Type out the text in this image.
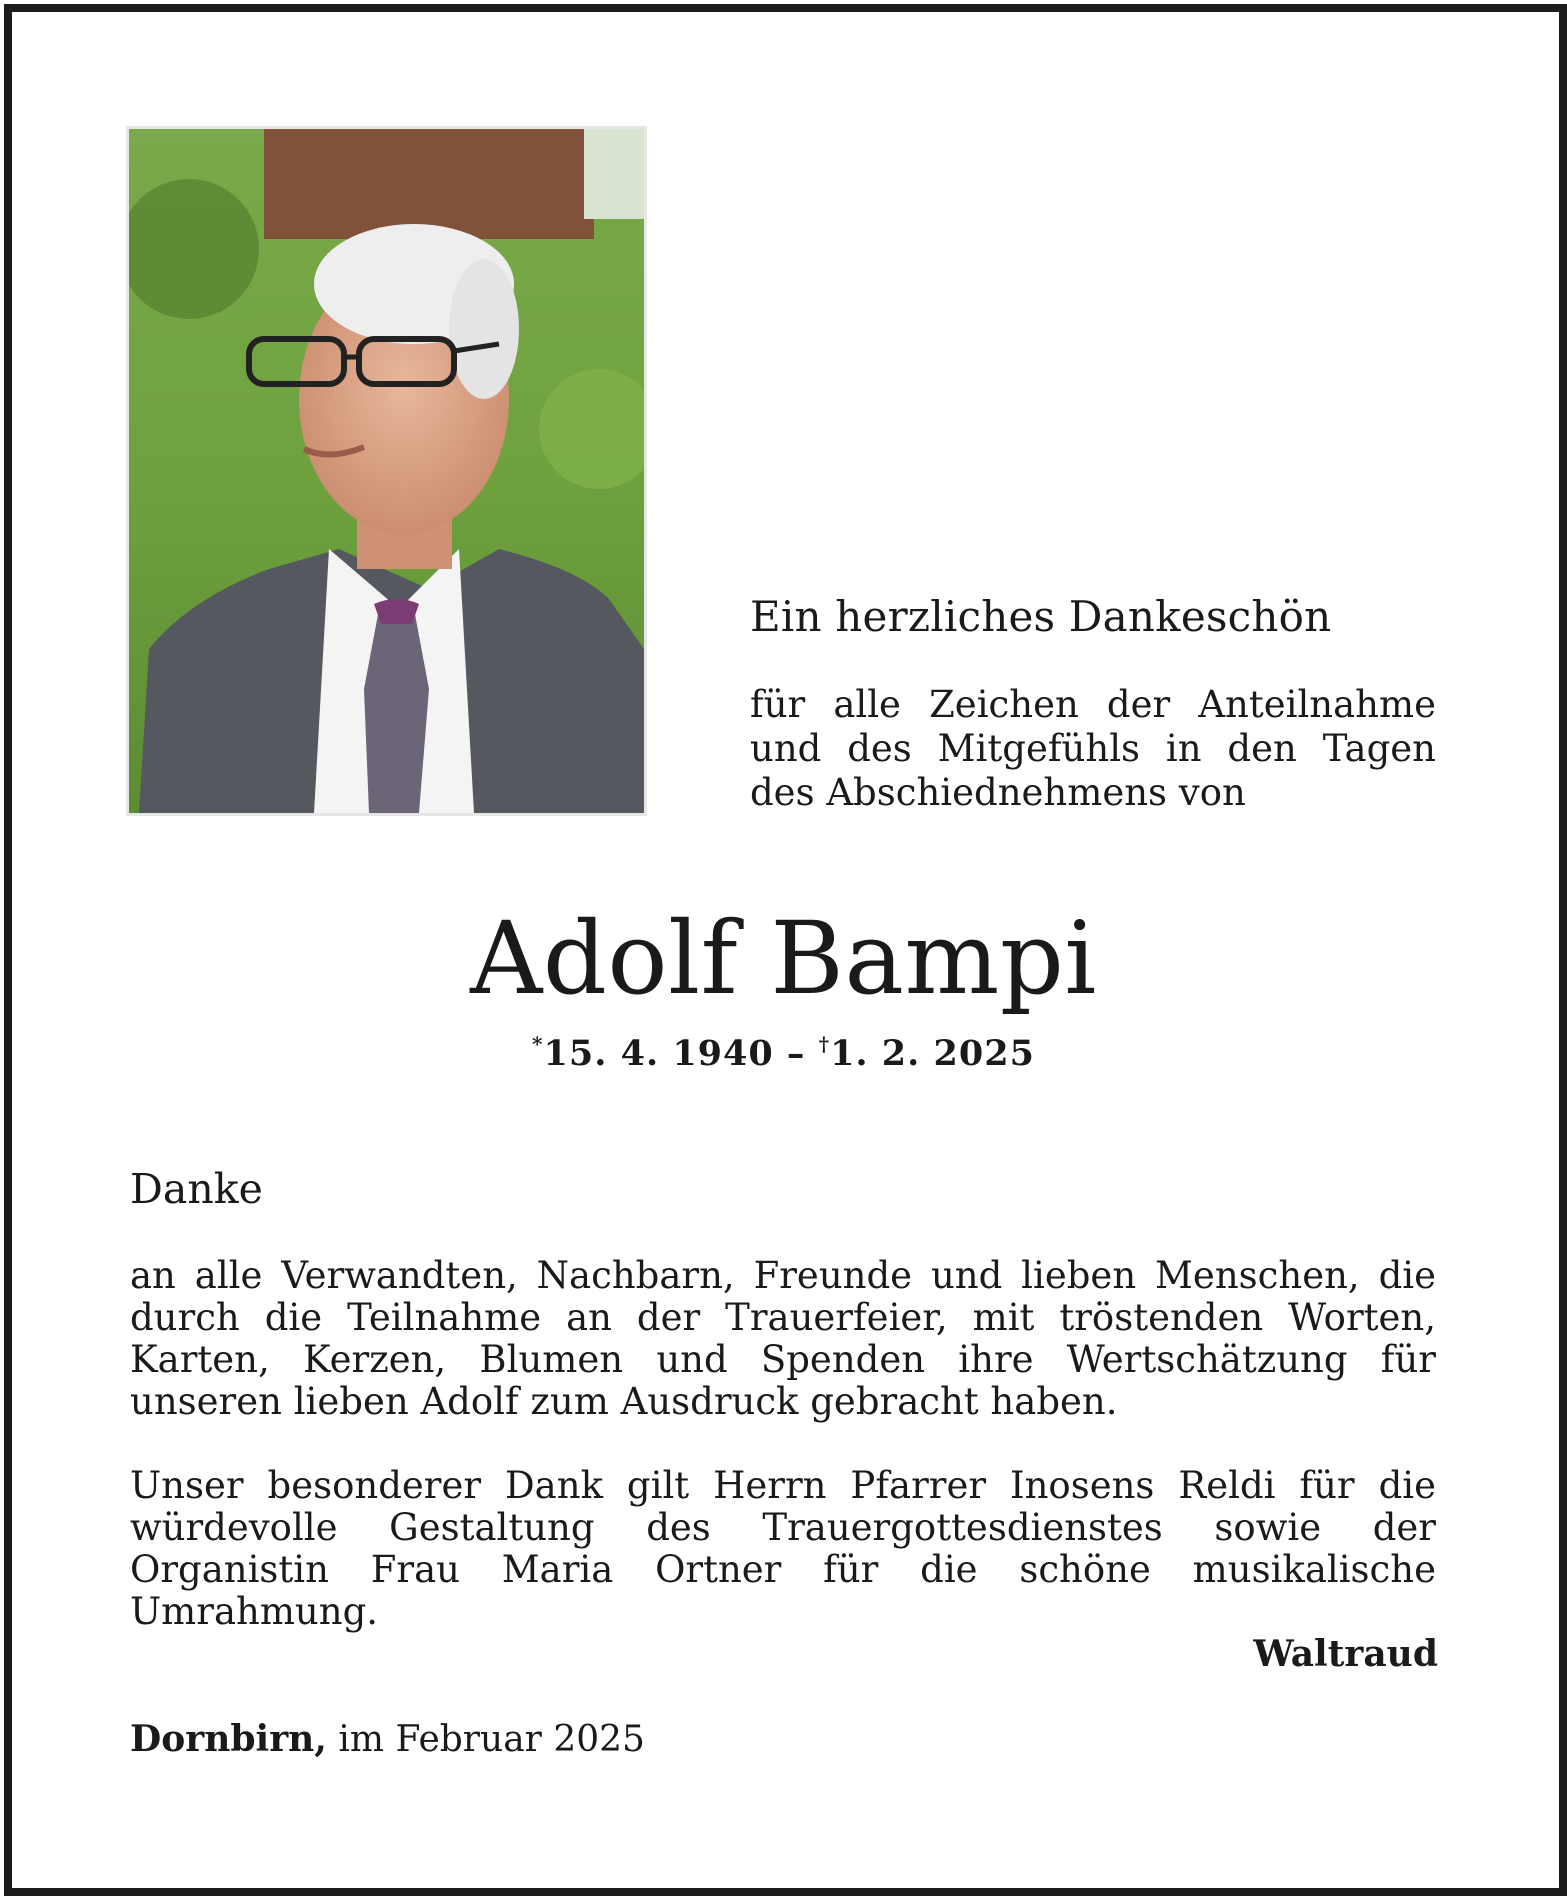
Ein herzliches Dankeschön
für alle Zeichen der Anteilnahme und des Mitgefühls in den Tagen des Abschiednehmens von
Adolf Bampi
*15. 4. 1940 – †1. 2. 2025
Danke
an alle Verwandten, Nachbarn, Freunde und lieben Menschen, die durch die Teilnahme an der Trauerfeier, mit tröstenden Worten, Karten, Kerzen, Blumen und Spenden ihre Wertschätzung für unseren lieben Adolf zum Ausdruck gebracht haben.
Unser besonderer Dank gilt Herrn Pfarrer Inosens Reldi für die würdevolle Gestaltung des Trauergottesdienstes sowie der Organistin Frau Maria Ortner für die schöne musikalische Umrahmung.
Waltraud
Dornbirn, im Februar 2025
